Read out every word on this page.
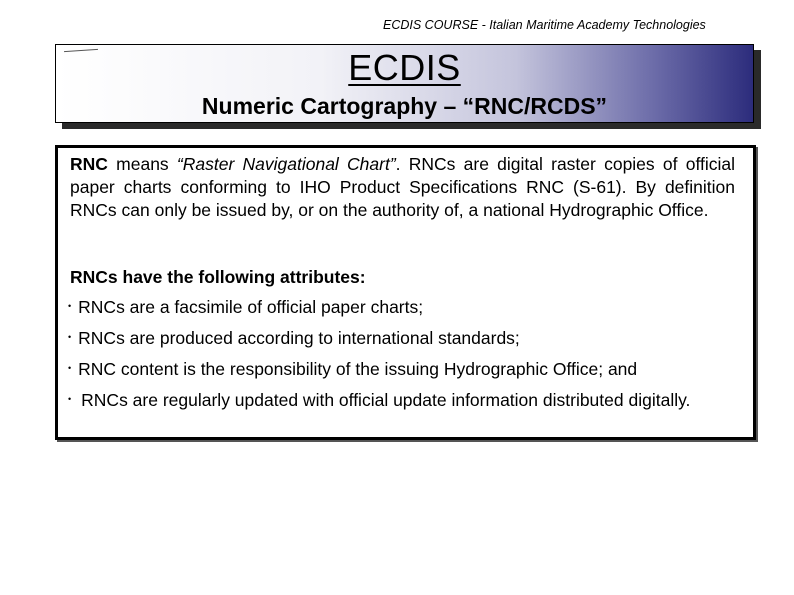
ECDIS COURSE - Italian Maritime Academy Technologies
ECDIS
Numeric Cartography – “RNC/RCDS”
RNC means “Raster Navigational Chart”. RNCs are digital raster copies of official paper charts conforming to IHO Product Specifications RNC (S-61). By definition RNCs can only be issued by, or on the authority of, a national Hydrographic Office.
RNCs have the following attributes:
• RNCs are a facsimile of official paper charts;
• RNCs are produced according to international standards;
• RNC content is the responsibility of the issuing Hydrographic Office; and
• RNCs are regularly updated with official update information distributed digitally.
